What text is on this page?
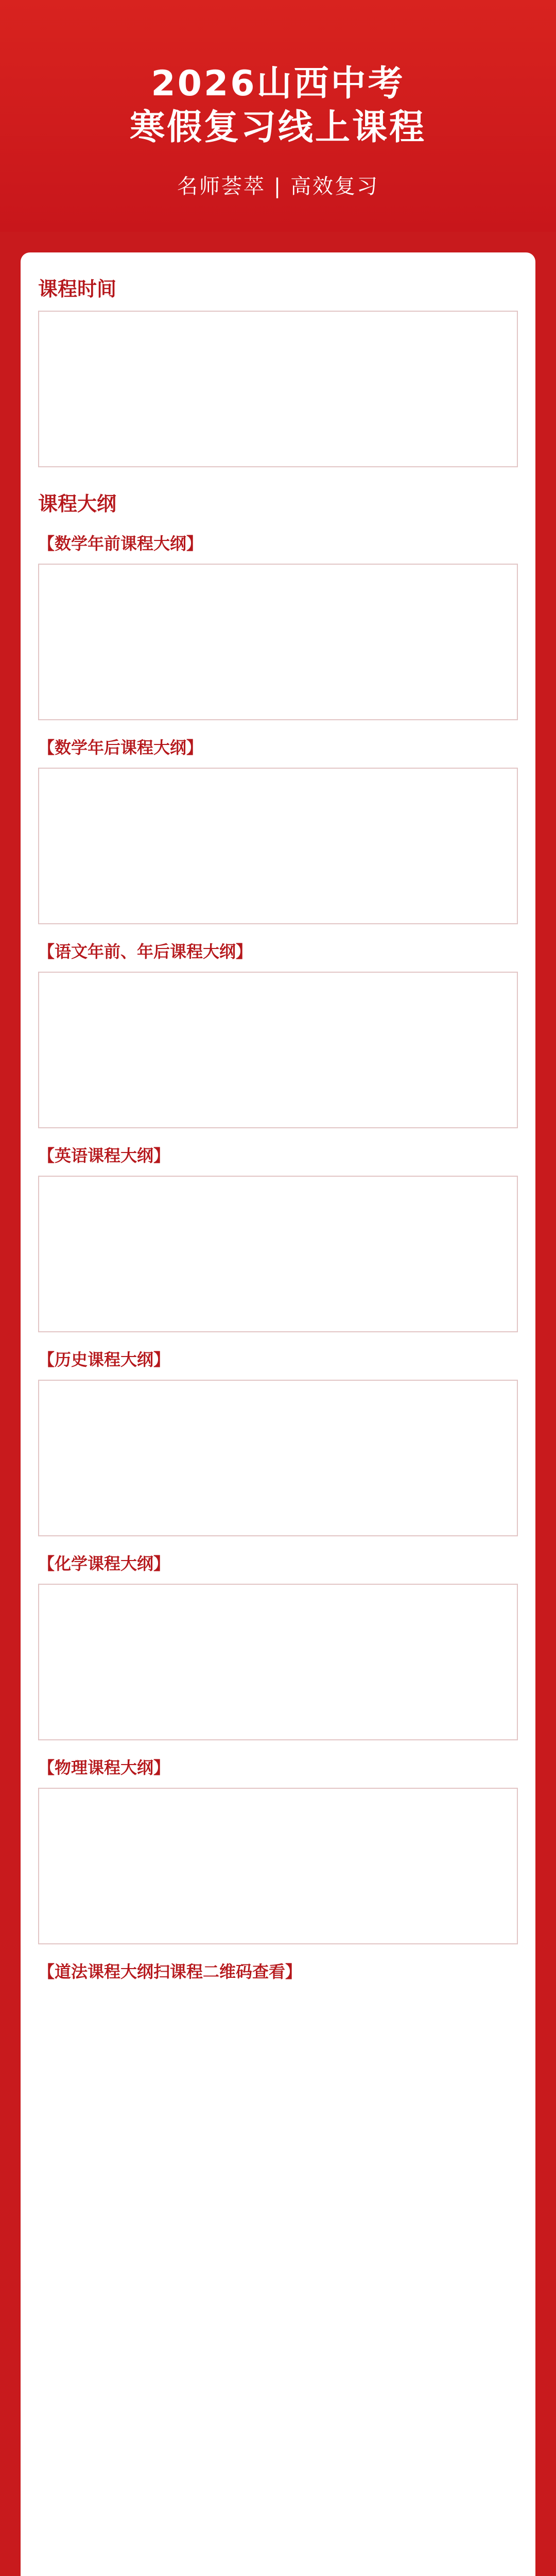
2026山西中考
寒假复习线上课程
名师荟萃 | 高效复习
课程时间
课程大纲
【数学年前课程大纲】
【数学年后课程大纲】
【语文年前、年后课程大纲】
【英语课程大纲】
【历史课程大纲】
【化学课程大纲】
【物理课程大纲】
【道法课程大纲扫课程二维码查看】
